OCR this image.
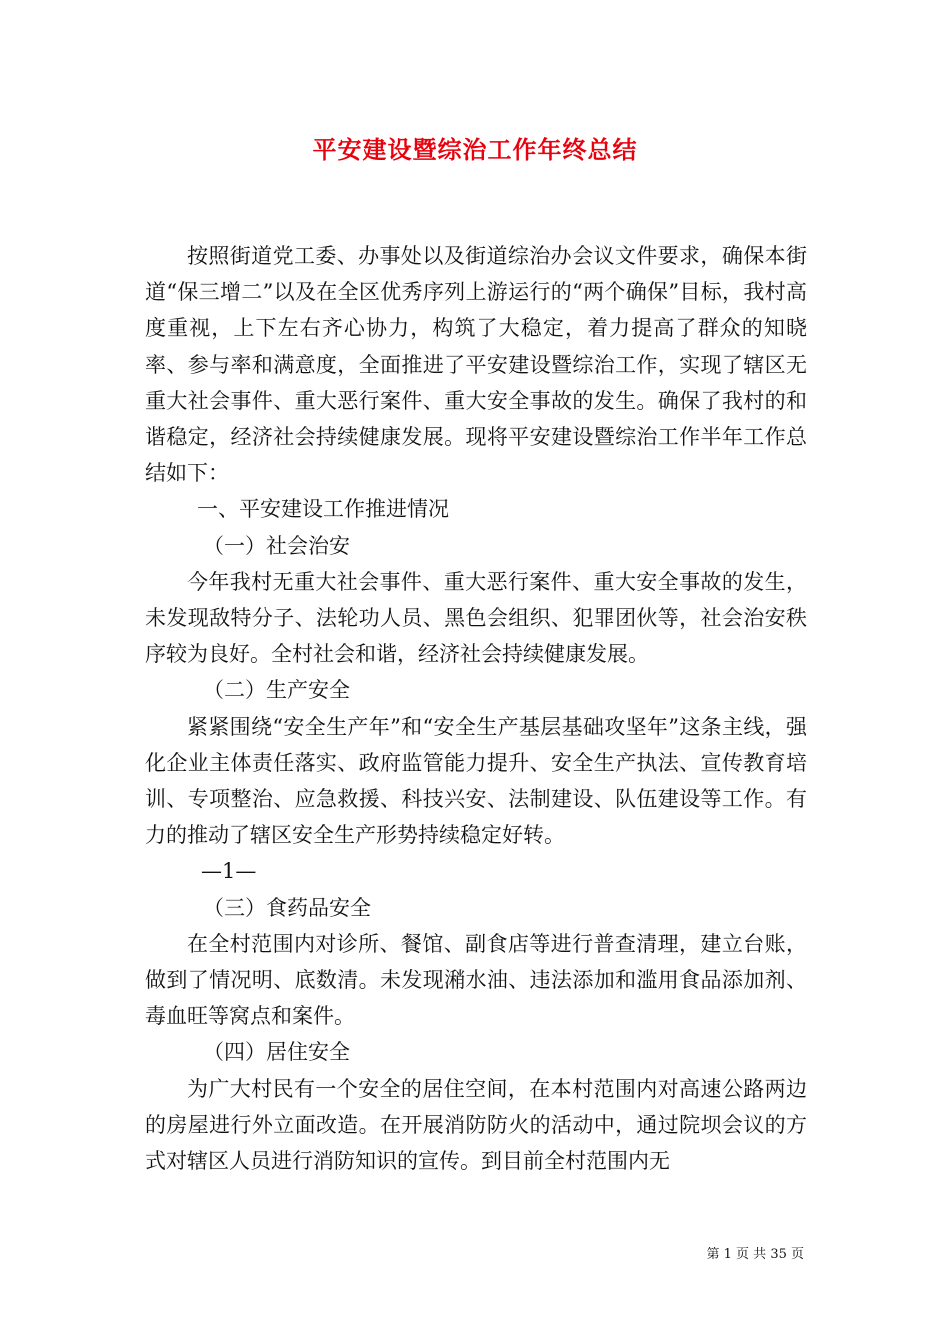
平安建设暨综治工作年终总结

按照街道党工委、办事处以及街道综治办会议文件要求，确保本街道“保三增二”以及在全区优秀序列上游运行的“两个确保”目标，我村高度重视，上下左右齐心协力，构筑了大稳定，着力提高了群众的知晓率、参与率和满意度，全面推进了平安建设暨综治工作，实现了辖区无重大社会事件、重大恶行案件、重大安全事故的发生。确保了我村的和谐稳定，经济社会持续健康发展。现将平安建设暨综治工作半年工作总结如下：

一、平安建设工作推进情况

（一）社会治安

今年我村无重大社会事件、重大恶行案件、重大安全事故的发生，未发现敌特分子、法轮功人员、黑色会组织、犯罪团伙等，社会治安秩序较为良好。全村社会和谐，经济社会持续健康发展。

（二）生产安全

紧紧围绕“安全生产年”和“安全生产基层基础攻坚年”这条主线，强化企业主体责任落实、政府监管能力提升、安全生产执法、宣传教育培训、专项整治、应急救援、科技兴安、法制建设、队伍建设等工作。有力的推动了辖区安全生产形势持续稳定好转。

—1—

（三）食药品安全

在全村范围内对诊所、餐馆、副食店等进行普查清理，建立台账，做到了情况明、底数清。未发现潲水油、违法添加和滥用食品添加剂、毒血旺等窝点和案件。

（四）居住安全

为广大村民有一个安全的居住空间，在本村范围内对高速公路两边的房屋进行外立面改造。在开展消防防火的活动中，通过院坝会议的方式对辖区人员进行消防知识的宣传。到目前全村范围内无

第 1 页 共 35 页
